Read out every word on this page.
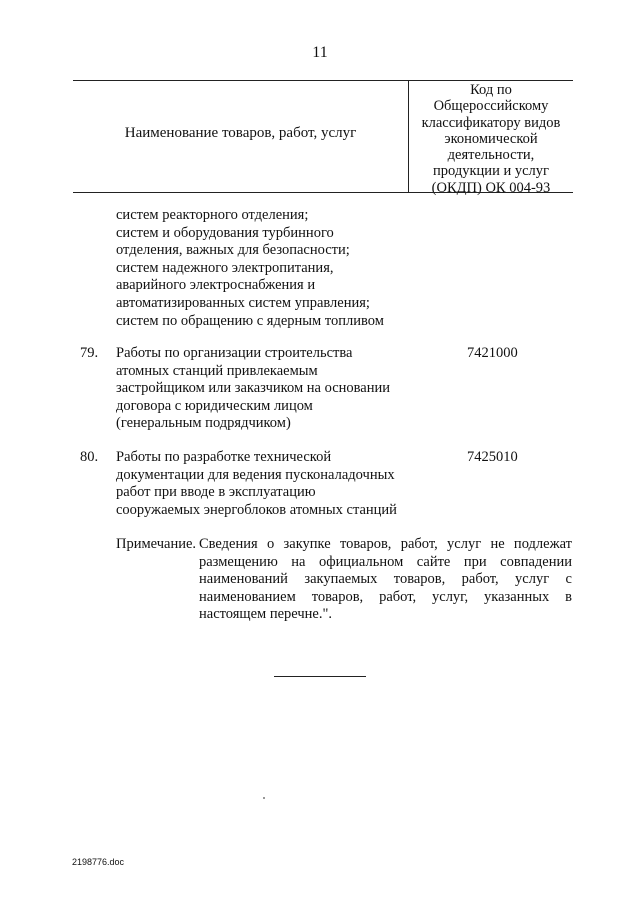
11
Наименование товаров, работ, услуг
Код по
Общероссийскому
классификатору видов
экономической
деятельности,
продукции и услуг
(ОКДП) ОК 004-93
систем реакторного отделения;
систем и оборудования турбинного
отделения, важных для безопасности;
систем надежного электропитания,
аварийного электроснабжения и
автоматизированных систем управления;
систем по обращению с ядерным топливом
79. Работы по организации строительства
атомных станций привлекаемым
застройщиком или заказчиком на основании
договора с юридическим лицом
(генеральным подрядчиком)
7421000
80. Работы по разработке технической
документации для ведения пусконаладочных
работ при вводе в эксплуатацию
сооружаемых энергоблоков атомных станций
7425010
Примечание. Сведения о закупке товаров, работ, услуг не подлежат
размещению на официальном сайте при совпадении
наименований закупаемых товаров, работ, услуг с
наименованием товаров, работ, услуг, указанных в
настоящем перечне.".
2198776.doc
